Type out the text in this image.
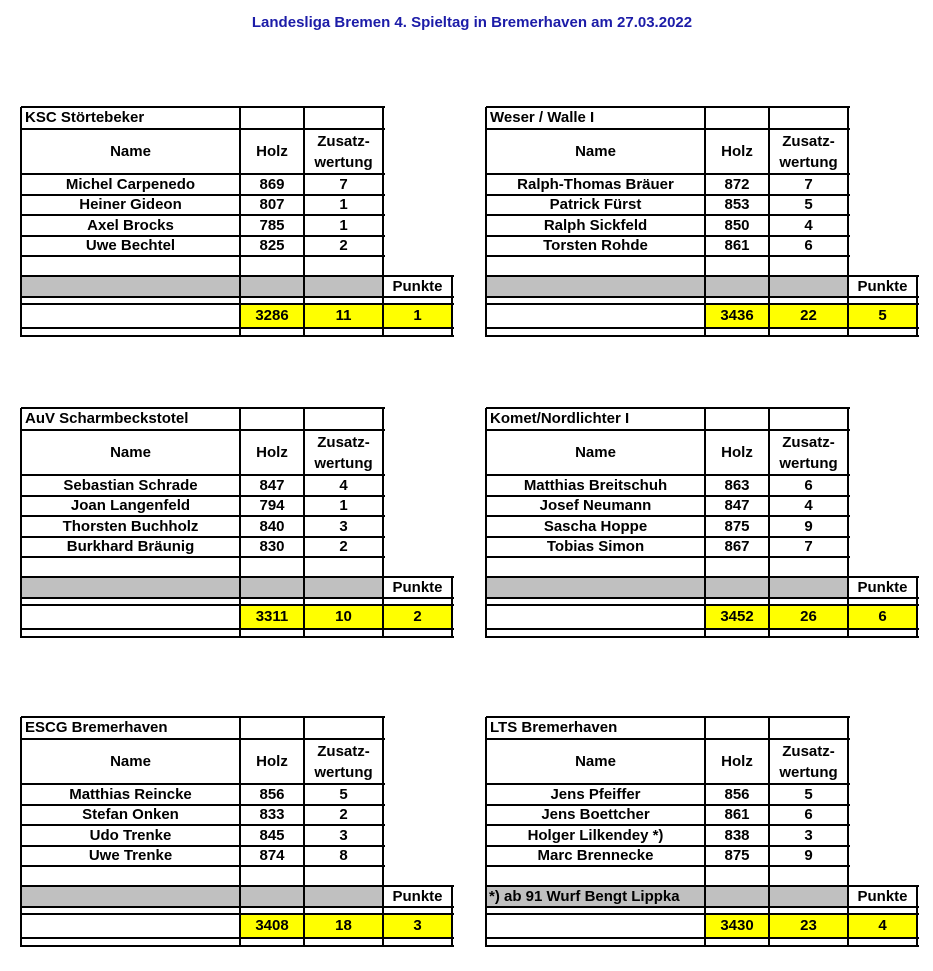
Landesliga Bremen 4. Spieltag in Bremerhaven am 27.03.2022
KSC Störtebeker
Name	Holz
Zusatz-
wertung
Michel Carpenedo	869	7
Heiner Gideon	807	1
Axel Brocks	785	1
Uwe Bechtel	825	2
Punkte
3286	11	1
Weser / Walle I
Name	Holz
Zusatz-
wertung
Ralph-Thomas Bräuer	872	7
Patrick Fürst	853	5
Ralph Sickfeld	850	4
Torsten Rohde	861	6
Punkte
3436	22	5
AuV Scharmbeckstotel
Name	Holz
Zusatz-
wertung
Sebastian Schrade	847	4
Joan Langenfeld	794	1
Thorsten Buchholz	840	3
Burkhard Bräunig	830	2
Punkte
3311	10	2
Komet/Nordlichter I
Name	Holz
Zusatz-
wertung
Matthias Breitschuh	863	6
Josef Neumann	847	4
Sascha Hoppe	875	9
Tobias Simon	867	7
Punkte
3452	26	6
ESCG Bremerhaven
Name	Holz
Zusatz-
wertung
Matthias Reincke	856	5
Stefan Onken	833	2
Udo Trenke	845	3
Uwe Trenke	874	8
Punkte
3408	18	3
LTS Bremerhaven
Name	Holz
Zusatz-
wertung
Jens Pfeiffer	856	5
Jens Boettcher	861	6
Holger Lilkendey *)	838	3
Marc Brennecke	875	9
*) ab 91 Wurf Bengt Lippka	Punkte
3430	23	4
